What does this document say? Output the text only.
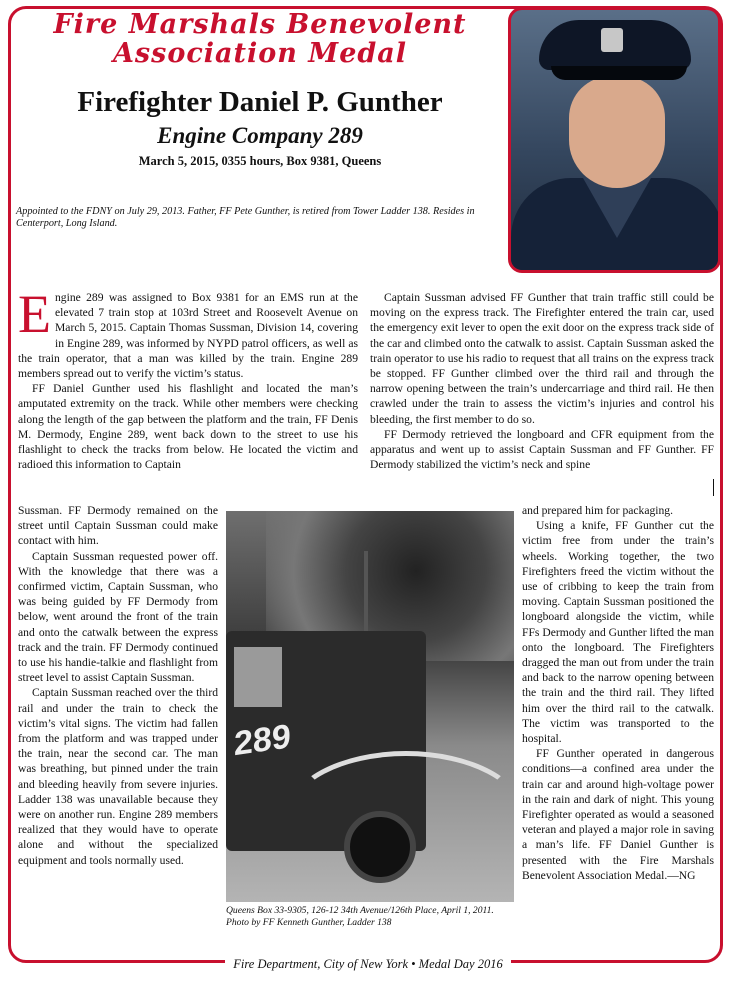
Fire Marshals Benevolent
Association Medal
Firefighter Daniel P. Gunther
Engine Company 289
March 5, 2015, 0355 hours, Box 9381, Queens
Appointed to the FDNY on July 29, 2013. Father, FF Pete Gunther, is retired from Tower Ladder 138. Resides in Centerport, Long Island.
E ngine 289 was assigned to Box 9381 for an EMS run at the elevated 7 train stop at 103rd Street and Roosevelt Avenue on March 5, 2015. Captain Thomas Sussman, Division 14, covering in Engine 289, was informed by NYPD patrol officers, as well as the train operator, that a man was killed by the train. Engine 289 members spread out to verify the victim’s status.

FF Daniel Gunther used his flashlight and located the man’s amputated extremity on the track. While other members were checking along the length of the gap between the platform and the train, FF Denis M. Dermody, Engine 289, went back down to the street to use his flashlight to check the tracks from below. He located the victim and radioed this information to Captain

Sussman. FF Dermody remained on the street until Captain Sussman could make contact with him.

Captain Sussman requested power off. With the knowledge that there was a confirmed victim, Captain Sussman, who was being guided by FF Dermody from below, went around the front of the train and onto the catwalk between the express track and the train. FF Dermody continued to use his handie-talkie and flashlight from street level to assist Captain Sussman.

Captain Sussman reached over the third rail and under the train to check the victim’s vital signs. The victim had fallen from the platform and was trapped under the train, near the second car. The man was breathing, but pinned under the train and bleeding heavily from severe injuries. Ladder 138 was unavailable because they were on another run. Engine 289 members realized that they would have to operate alone and without the specialized equipment and tools normally used.

Captain Sussman advised FF Gunther that train traffic still could be moving on the express track. The Firefighter entered the train car, used the emergency exit lever to open the exit door on the express track side of the car and climbed onto the catwalk to assist. Captain Sussman asked the train operator to use his radio to request that all trains on the express track be stopped. FF Gunther climbed over the third rail and through the narrow opening between the train’s undercarriage and third rail. He then crawled under the train to assess the victim’s injuries and control his bleeding, the first member to do so.

FF Dermody retrieved the longboard and CFR equipment from the apparatus and went up to assist Captain Sussman and FF Gunther. FF Dermody stabilized the victim’s neck and spine

and prepared him for packaging.

Using a knife, FF Gunther cut the victim free from under the train’s wheels. Working together, the two Firefighters freed the victim without the use of cribbing to keep the train from moving. Captain Sussman positioned the longboard alongside the victim, while FFs Dermody and Gunther lifted the man onto the longboard. The Firefighters dragged the man out from under the train and back to the narrow opening between the train and the third rail. They lifted him over the third rail to the catwalk. The victim was transported to the hospital.

FF Gunther operated in dangerous conditions—a confined area under the train car and around high-voltage power in the rain and dark of night. This young Firefighter operated as would a seasoned veteran and played a major role in saving a man’s life. FF Daniel Gunther is presented with the Fire Marshals Benevolent Association Medal.—NG

289
Queens Box 33-9305, 126-12 34th Avenue/126th Place, April 1, 2011. Photo by FF Kenneth Gunther, Ladder 138
Fire Department, City of New York • Medal Day 2016
